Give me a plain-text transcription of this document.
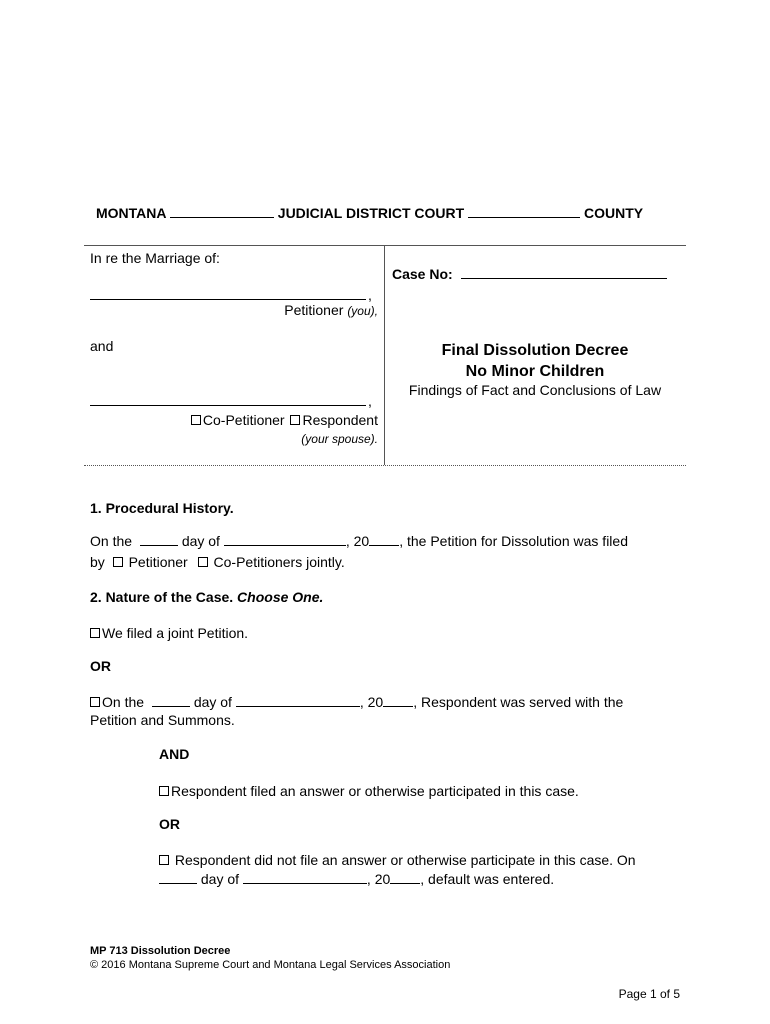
MONTANA	JUDICIAL DISTRICT COURT	COUNTY
In re the Marriage of:
,
Petitioner (you),
and
,
Co-Petitioner Respondent
(your spouse).
Case No:
Final Dissolution Decree
No Minor Children
Findings of Fact and Conclusions of Law
1. Procedural History.
On the	day of	, 20 , the Petition for Dissolution was filed
by Petitioner Co-Petitioners jointly.
2. Nature of the Case. Choose One.
We filed a joint Petition.
OR
On the	day of	, 20 , Respondent was served with the
Petition and Summons.
AND
Respondent filed an answer or otherwise participated in this case.
OR
Respondent did not file an answer or otherwise participate in this case. On
day of	, 20 , default was entered.
MP 713 Dissolution Decree
© 2016 Montana Supreme Court and Montana Legal Services Association
Page 1 of 5
